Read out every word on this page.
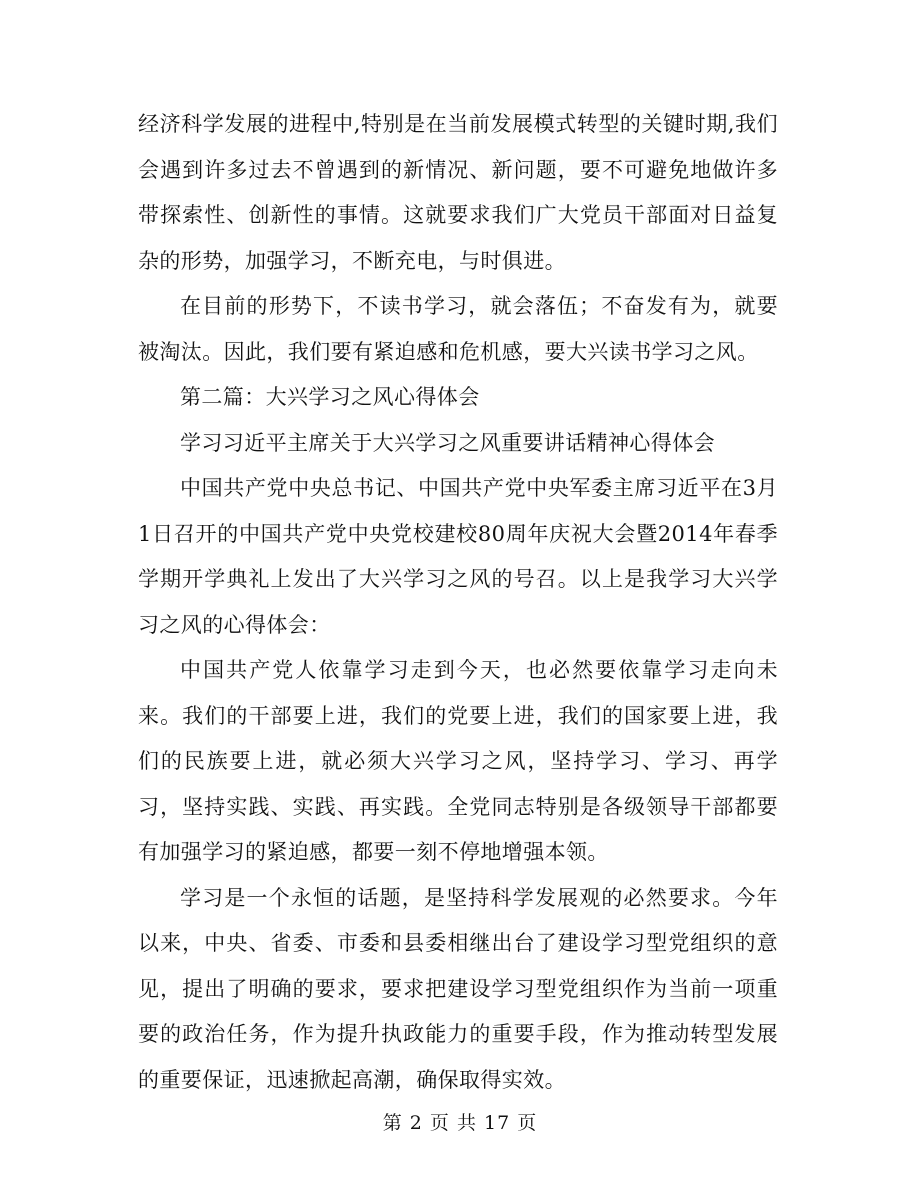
经济科学发展的进程中,特别是在当前发展模式转型的关键时期,我们会遇到许多过去不曾遇到的新情况、新问题，要不可避免地做许多带探索性、创新性的事情。这就要求我们广大党员干部面对日益复杂的形势，加强学习，不断充电，与时俱进。

在目前的形势下，不读书学习，就会落伍；不奋发有为，就要被淘汰。因此，我们要有紧迫感和危机感，要大兴读书学习之风。

第二篇：大兴学习之风心得体会

学习习近平主席关于大兴学习之风重要讲话精神心得体会

中国共产党中央总书记、中国共产党中央军委主席习近平在3月1日召开的中国共产党中央党校建校80周年庆祝大会暨2014年春季学期开学典礼上发出了大兴学习之风的号召。以上是我学习大兴学习之风的心得体会：

中国共产党人依靠学习走到今天，也必然要依靠学习走向未来。我们的干部要上进，我们的党要上进，我们的国家要上进，我们的民族要上进，就必须大兴学习之风，坚持学习、学习、再学习，坚持实践、实践、再实践。全党同志特别是各级领导干部都要有加强学习的紧迫感，都要一刻不停地增强本领。

学习是一个永恒的话题，是坚持科学发展观的必然要求。今年以来，中央、省委、市委和县委相继出台了建设学习型党组织的意见，提出了明确的要求，要求把建设学习型党组织作为当前一项重要的政治任务，作为提升执政能力的重要手段，作为推动转型发展的重要保证，迅速掀起高潮，确保取得实效。

第 2 页 共 17 页
